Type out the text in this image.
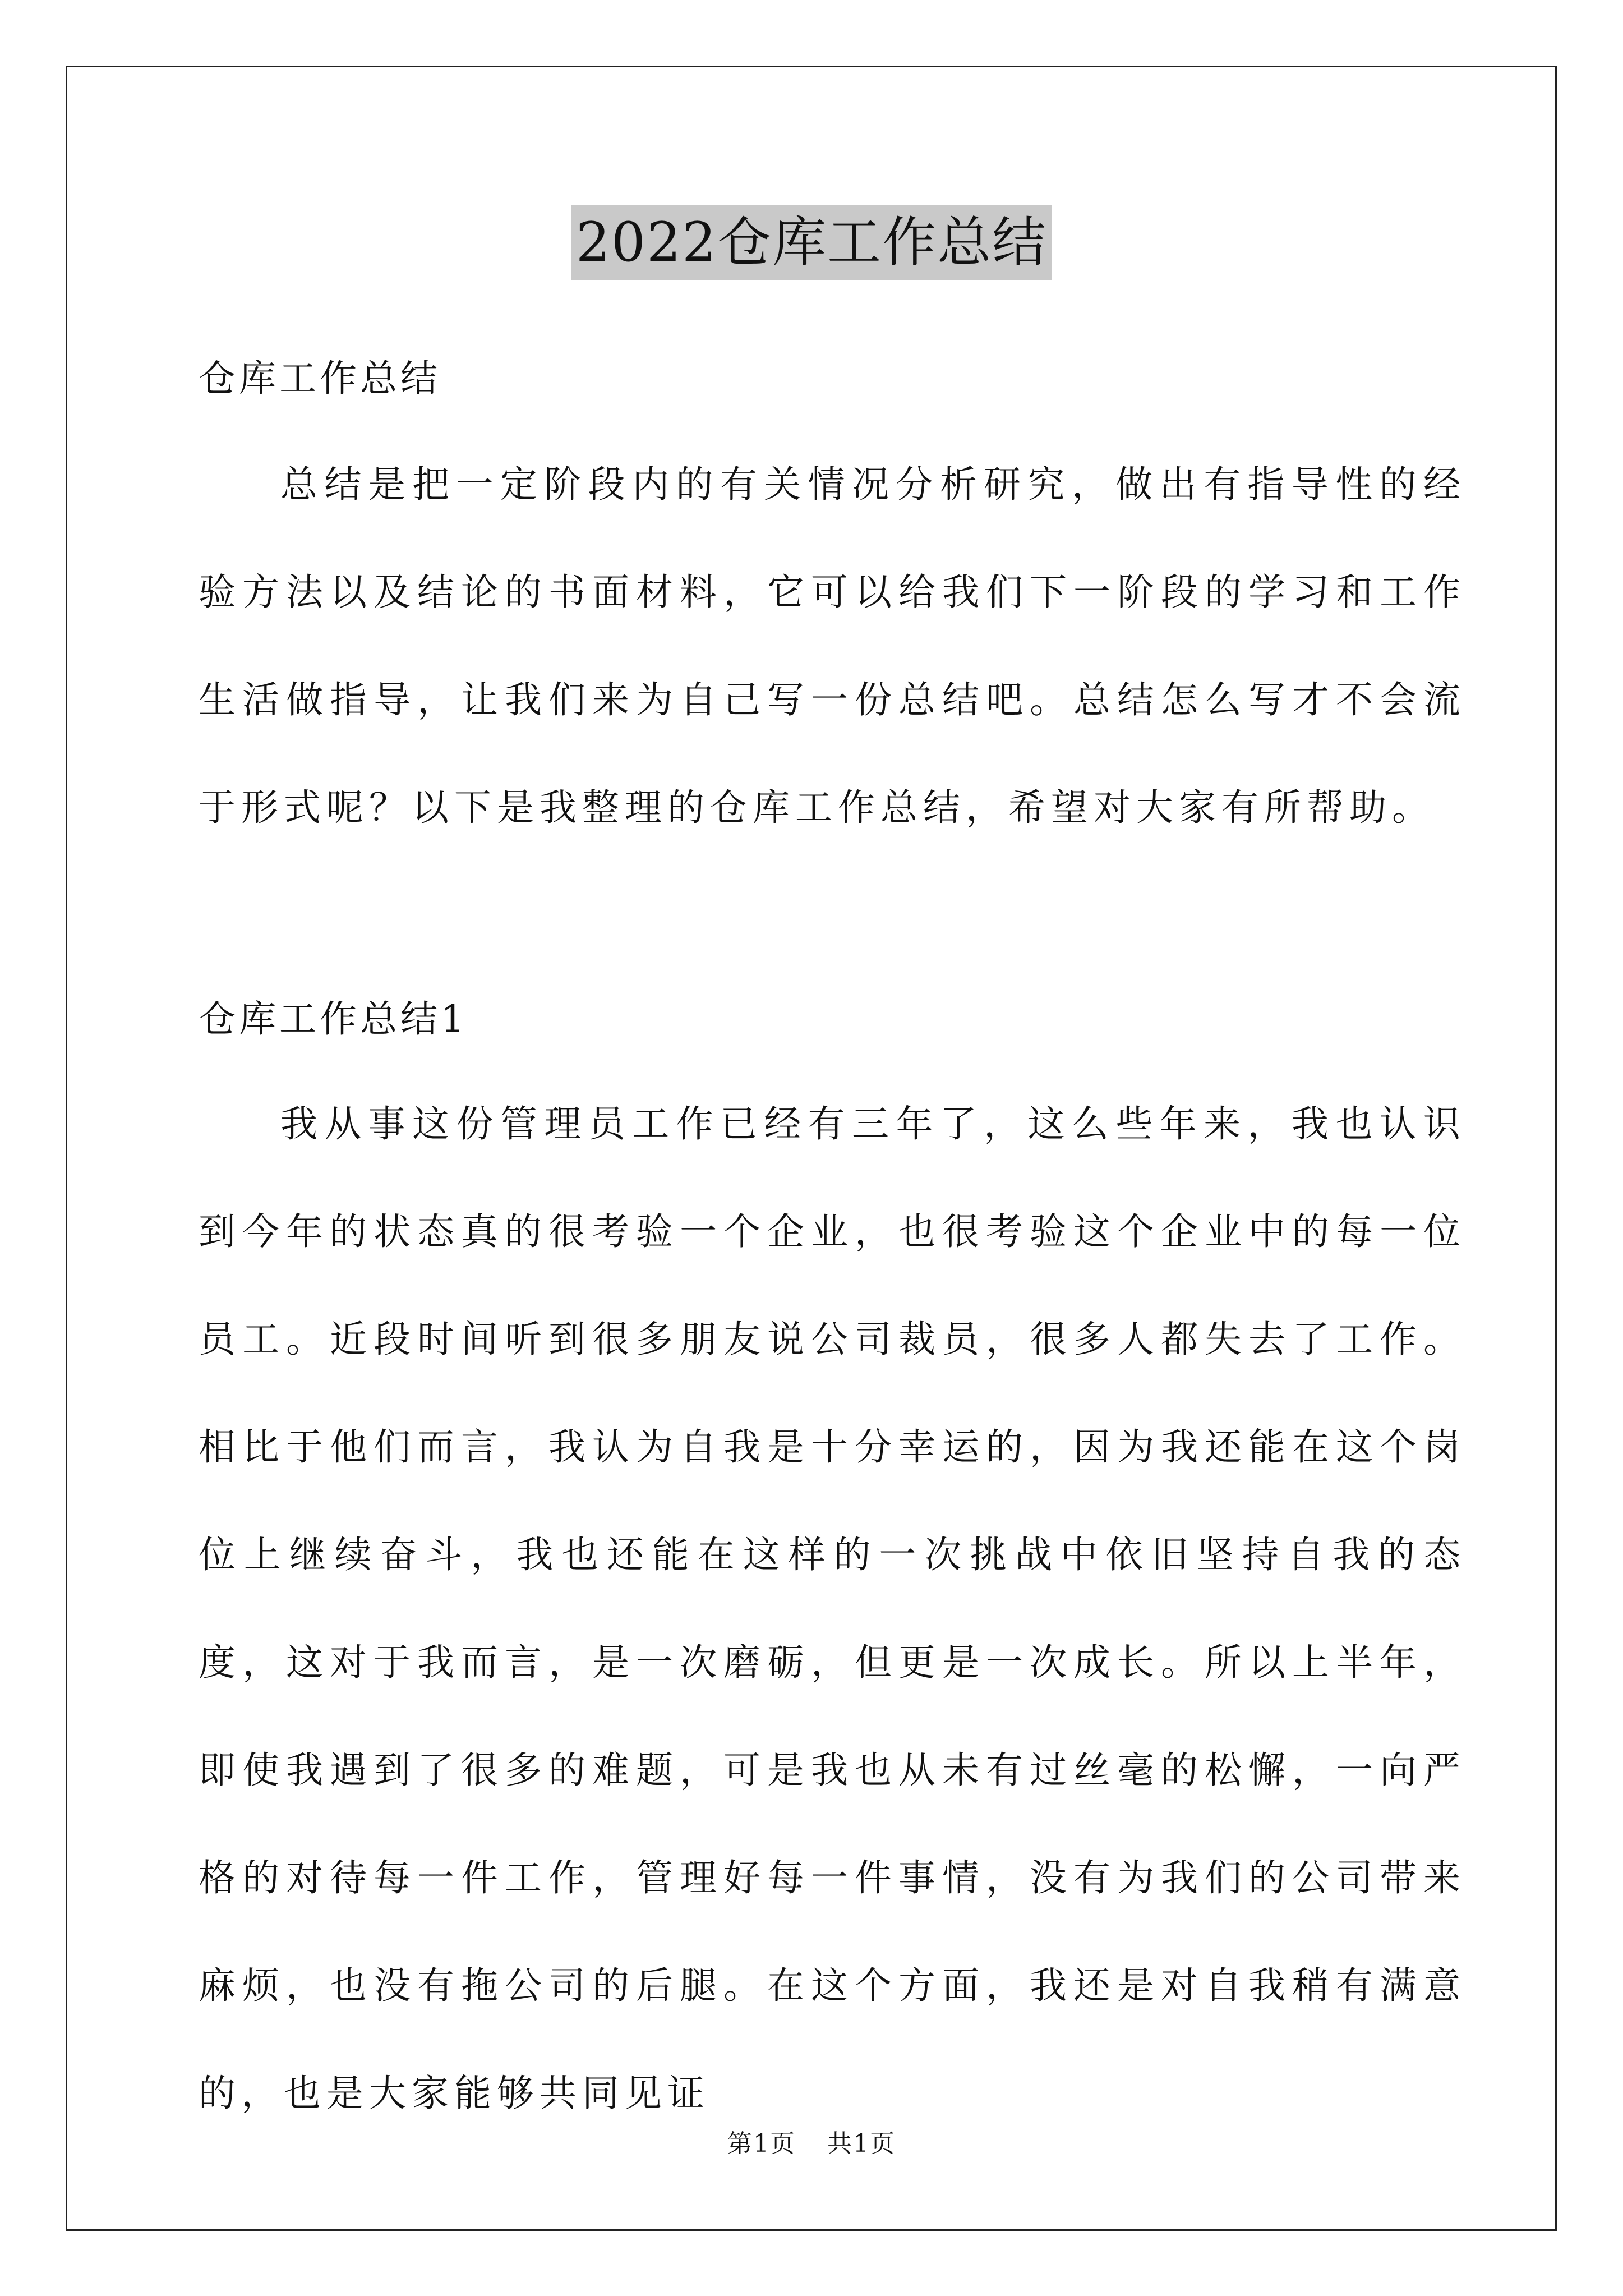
2022仓库工作总结
仓库工作总结

总结是把一定阶段内的有关情况分析研究，做出有指导性的经验方法以及结论的书面材料，它可以给我们下一阶段的学习和工作生活做指导，让我们来为自己写一份总结吧。总结怎么写才不会流于形式呢？以下是我整理的仓库工作总结，希望对大家有所帮助。

仓库工作总结1

我从事这份管理员工作已经有三年了，这么些年来，我也认识到今年的状态真的很考验一个企业，也很考验这个企业中的每一位员工。近段时间听到很多朋友说公司裁员，很多人都失去了工作。相比于他们而言，我认为自我是十分幸运的，因为我还能在这个岗位上继续奋斗，我也还能在这样的一次挑战中依旧坚持自我的态度，这对于我而言，是一次磨砺，但更是一次成长。所以上半年，即使我遇到了很多的难题，可是我也从未有过丝毫的松懈，一向严格的对待每一件工作，管理好每一件事情，没有为我们的公司带来麻烦，也没有拖公司的后腿。在这个方面，我还是对自我稍有满意的，也是大家能够共同见证

第1页 共1页
